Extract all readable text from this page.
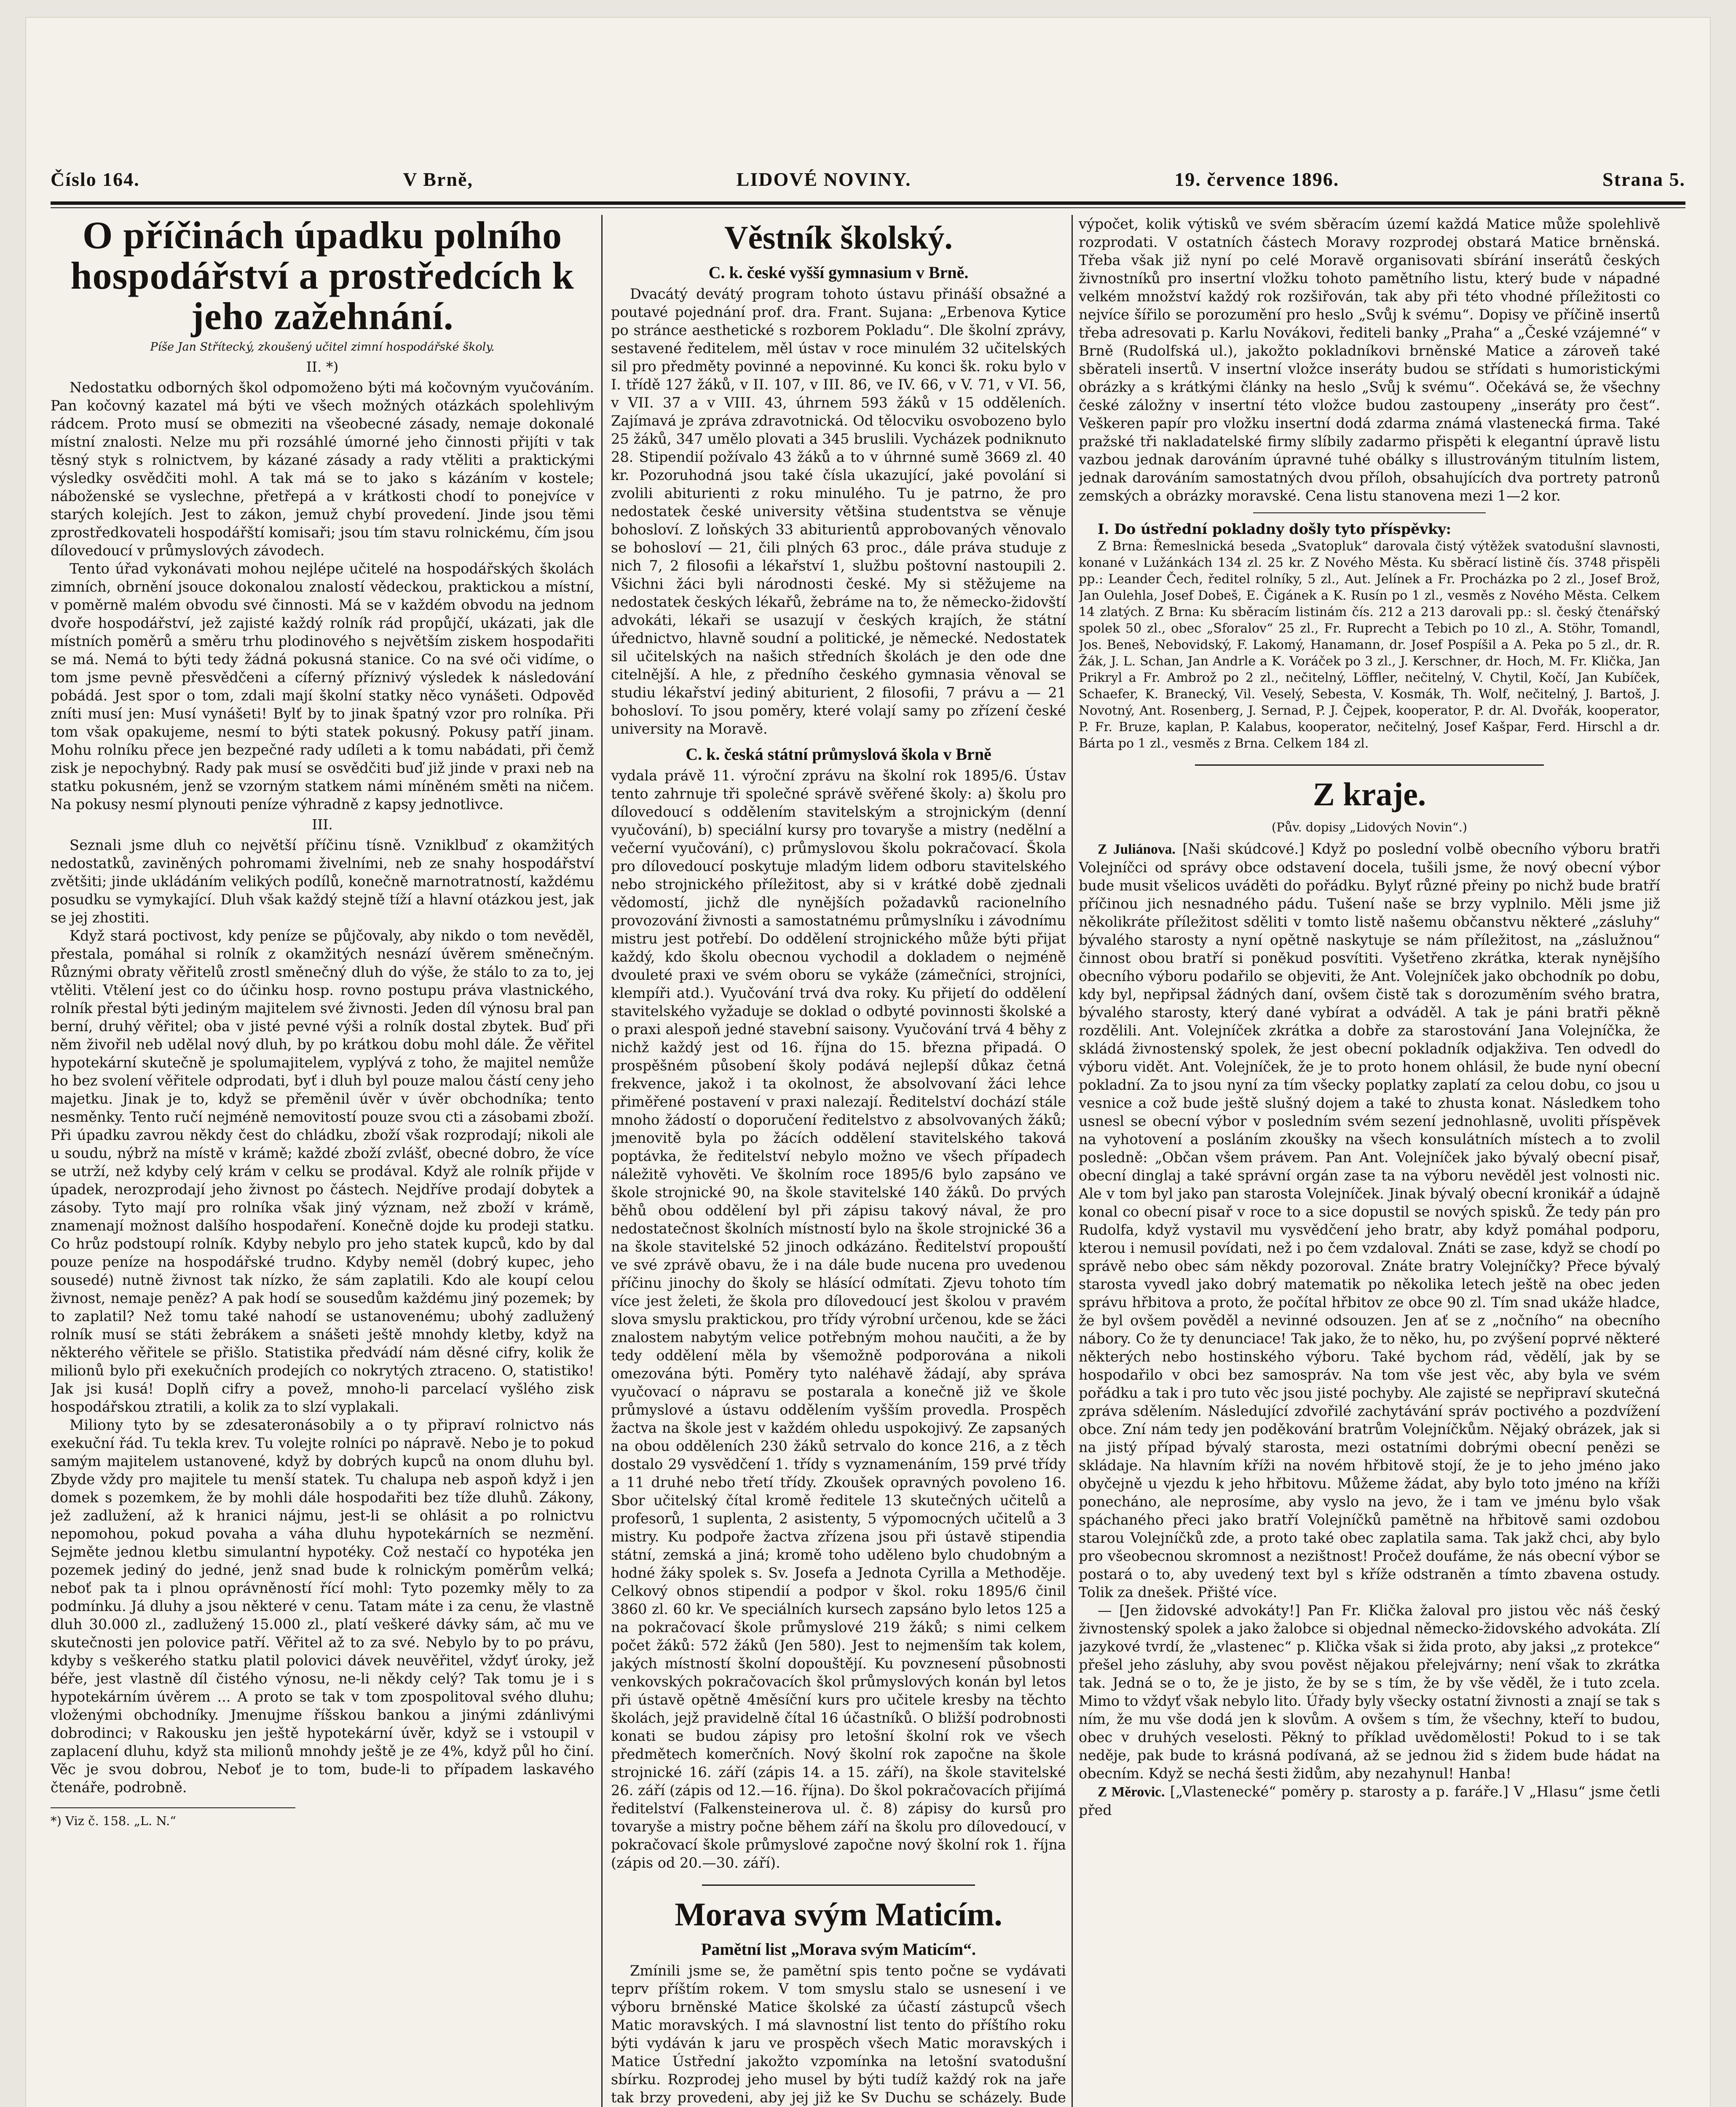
Číslo 164.	V Brně,	LIDOVÉ NOVINY.	19. července 1896.	Strana 5.
O příčinách úpadku polního hospodářství a prostředcích k jeho zažehnání.
Píše Jan Střítecký, zkoušený učitel zimní hospodářské školy.
II. *)

Nedostatku odborných škol odpomoženo býti má kočovným vyučováním. Pan kočovný kazatel má býti ve všech možných otázkách spolehlivým rádcem. Proto musí se obmeziti na všeobecné zásady, nemaje dokonalé místní znalosti. Nelze mu při rozsáhlé úmorné jeho činnosti přijíti v tak těsný styk s rolnictvem, by kázané zásady a rady vtěliti a praktickými výsledky osvědčiti mohl. A tak má se to jako s kázáním v kostele; náboženské se vyslechne, přetřepá a v krátkosti chodí to ponejvíce v starých kolejích. Jest to zákon, jemuž chybí provedení. Jinde jsou těmi zprostředkovateli hospodářští komisaři; jsou tím stavu rolnickému, čím jsou dílovedoucí v průmyslových závodech.

Tento úřad vykonávati mohou nejlépe učitelé na hospodářských školách zimních, obrnění jsouce dokonalou znalostí vědeckou, praktickou a místní, v poměrně malém obvodu své činnosti. Má se v každém obvodu na jednom dvoře hospodářství, jež zajisté každý rolník rád propůjčí, ukázati, jak dle místních poměrů a směru trhu plodinového s největším ziskem hospodařiti se má. Nemá to býti tedy žádná pokusná stanice. Co na své oči vidíme, o tom jsme pevně přesvědčeni a cíferný příznivý výsledek k následování pobádá. Jest spor o tom, zdali mají školní statky něco vynášeti. Odpověď zníti musí jen: Musí vynášeti! Bylť by to jinak špatný vzor pro rolníka. Při tom však opakujeme, nesmí to býti statek pokusný. Pokusy patří jinam. Mohu rolníku přece jen bezpečné rady udíleti a k tomu nabádati, při čemž zisk je nepochybný. Rady pak musí se osvědčiti buď již jinde v praxi neb na statku pokusném, jenž se vzorným statkem námi míněném směti na ničem. Na pokusy nesmí plynouti peníze výhradně z kapsy jednotlivce.

III.

Seznali jsme dluh co největší příčinu tísně. Vzniklbuď z okamžitých nedostatků, zaviněných pohromami živelními, neb ze snahy hospodářství zvětšiti; jinde ukládáním velikých podílů, konečně marnotratností, každému posudku se vymykající. Dluh však každý stejně tíží a hlavní otázkou jest, jak se jej zhostiti.

Když stará poctivost, kdy peníze se půjčovaly, aby nikdo o tom nevěděl, přestala, pomáhal si rolník z okamžitých nesnází úvěrem směnečným. Různými obraty věřitelů zrostl směnečný dluh do výše, že stálo to za to, jej vtěliti. Vtělení jest co do účinku hosp. rovno postupu práva vlastnického, rolník přestal býti jediným majitelem své živnosti. Jeden díl výnosu bral pan berní, druhý věřitel; oba v jisté pevné výši a rolník dostal zbytek. Buď při něm živořil neb udělal nový dluh, by po krátkou dobu mohl dále. Že věřitel hypotekární skutečně je spolumajitelem, vyplývá z toho, že majitel nemůže ho bez svolení věřitele odprodati, byť i dluh byl pouze malou částí ceny jeho majetku. Jinak je to, když se přeměnil úvěr v úvěr obchodníka; tento nesměnky. Tento ručí nejméně nemovitostí pouze svou cti a zásobami zboží. Při úpadku zavrou někdy čest do chládku, zboží však rozprodají; nikoli ale u soudu, nýbrž na místě v krámě; každé zboží zvlášť, obecné dobro, že více se utrží, než kdyby celý krám v celku se prodával. Když ale rolník přijde v úpadek, nerozprodají jeho živnost po částech. Nejdříve prodají dobytek a zásoby. Tyto mají pro rolníka však jiný význam, než zboží v krámě, znamenají možnost dalšího hospodaření. Konečně dojde ku prodeji statku. Co hrůz podstoupí rolník. Kdyby nebylo pro jeho statek kupců, kdo by dal pouze peníze na hospodářské trudno. Kdyby neměl (dobrý kupec, jeho sousedé) nutně živnost tak nízko, že sám zaplatili. Kdo ale koupí celou živnost, nemaje peněz? A pak hodí se sousedům každému jiný pozemek; by to zaplatil? Než tomu také nahodí se ustanovenému; ubohý zadlužený rolník musí se státi žebrákem a snášeti ještě mnohdy kletby, když na některého věřitele se přišlo. Statistika předvádí nám děsné cifry, kolik že milionů bylo při exekučních prodejích co nokrytých ztracenо. O, statistiko! Jak jsi kusá! Doplň cifry a povež, mnoho-li parcelací vyšlého zisk hospodářskou ztratili, a kolik za to slzí vyplakali.

Miliony tyto by se zdesateronásobily a o ty připraví rolnictvo nás exekuční řád. Tu tekla krev. Tu volejte rolníci po nápravě. Nebo je to pokud samým majitelem ustanovené, když by dobrých kupců na onom dluhu byl. Zbyde vždy pro majitele tu menší statek. Tu chalupa neb aspoň když i jen domek s pozemkem, že by mohli dále hospodařiti bez tíže dluhů. Zákony, jež zadlužení, až k hranici nájmu, jest-li se ohlásit a po rolnictvu nepomohou, pokud povaha a váha dluhu hypotekárních se nezmění. Sejměte jednou kletbu simulantní hypotéky. Což nestačí co hypotéka jen pozemek jediný do jedné, jenž snad bude k rolnickým poměrům velká; neboť pak ta i plnou oprávněností řící mohl: Tyto pozemky měly to za podmínku. Já dluhy a jsou některé v cenu. Tatam máte i za cenu, že vlastně dluh 30.000 zl., zadlužený 15.000 zl., platí veškeré dávky sám, ač mu ve skutečnosti jen polovice patří. Věřitel až to za své. Nebylo by to po právu, kdyby s veškerého statku platil polovici dávek neuvěřitel, vždyť úroky, jež béře, jest vlastně díl čistého výnosu, ne-li někdy celý? Tak tomu je i s hypotekárním úvěrem ... A proto se tak v tom zpospolitoval svého dluhu; vloženými obchodníky. Jmenujme říšskou bankou a jinými zdánlivými dobrodinci; v Rakousku jen ještě hypotekární úvěr, když se i vstoupil v zaplacení dluhu, když sta milionů mnohdy ještě je ze 4%, když půl ho činí. Věc je svou dobrou, Neboť je to tom, bude-li to případem laskavého čtenáře, podrobně.

*) Viz č. 158. „L. N.“
Věstník školský.
C. k. české vyšší gymnasium v Brně.

Dvacátý devátý program tohoto ústavu přináší obsažné a poutavé pojednání prof. dra. Frant. Sujana: „Erbenova Kytice po stránce aesthetické s rozborem Pokladu“. Dle školní zprávy, sestavené ředitelem, měl ústav v roce minulém 32 učitelských sil pro předměty povinné a nepovinné. Ku konci šk. roku bylo v I. třídě 127 žáků, v II. 107, v III. 86, ve IV. 66, v V. 71, v VI. 56, v VII. 37 a v VIII. 43, úhrnem 593 žáků v 15 odděleních. Zajímavá je zpráva zdravotnická. Od tělocviku osvobozeno bylo 25 žáků, 347 umělo plovati a 345 bruslili. Vycházek podniknuto 28. Stipendií požívalo 43 žáků a to v úhrnné sumě 3669 zl. 40 kr. Pozoruhodná jsou také čísla ukazující, jaké povolání si zvolili abiturienti z roku minulého. Tu je patrno, že pro nedostatek české university většina studentstva se věnuje bohosloví. Z loňských 33 abiturientů approbovaných věnovalo se bohosloví — 21, čili plných 63 proc., dále práva studuje z nich 7, 2 filosofii a lékařství 1, službu poštovní nastoupili 2. Všichni žáci byli národnosti české. My si stěžujeme na nedostatek českých lékařů, žebráme na to, že německo-židovští advokáti, lékaři se usazují v českých krajích, že státní úřednictvo, hlavně soudní a politické, je německé. Nedostatek sil učitelských na našich středních školách je den ode dne citelnější. A hle, z předního českého gymnasia věnoval se studiu lékařství jediný abiturient, 2 filosofii, 7 právu a — 21 bohosloví. To jsou poměry, které volají samy po zřízení české university na Moravě.

C. k. česká státní průmyslová škola v Brně

vydala právě 11. výroční zprávu na školní rok 1895/6. Ústav tento zahrnuje tři společné správě svěřené školy: a) školu pro dílovedoucí s oddělením stavitelským a strojnickým (denní vyučování), b) speciální kursy pro tovaryše a mistry (nedělní a večerní vyučování), c) průmyslovou školu pokračovací. Škola pro dílovedoucí poskytuje mladým lidem odboru stavitelského nebo strojnického příležitost, aby si v krátké době zjednali vědomostí, jichž dle nynějších požadavků racionelního provozování živnosti a samostatnému průmyslníku i závodnímu mistru jest potřebí. Do oddělení strojnického může býti přijat každý, kdo školu obecnou vychodil a dokladem o nejméně dvouleté praxi ve svém oboru se vykáže (zámečníci, strojníci, klempíři atd.). Vyučování trvá dva roky. Ku přijetí do oddělení stavitelského vyžaduje se doklad o odbyté povinnosti školské a o praxi alespoň jedné stavební saisony. Vyučování trvá 4 běhy z nichž každý jest od 16. října do 15. března připadá. O prospěšném působení školy podává nejlepší důkaz četná frekvence, jakož i ta okolnost, že absolvovaní žáci lehce přiměřené postavení v praxi nalezají. Ředitelství dochází stále mnoho žádostí o doporučení ředitelstvo z absolvovaných žáků; jmenovitě byla po žácích oddělení stavitelského taková poptávka, že ředitelství nebylo možno ve všech případech náležitě vyhověti. Ve školním roce 1895/6 bylo zapsáno ve škole strojnické 90, na škole stavitelské 140 žáků. Do prvých běhů obou oddělení byl při zápisu takový nával, že pro nedostatečnost školních místností bylo na škole strojnické 36 a na škole stavitelské 52 jinoch odkázáno. Ředitelství propouští ve své zprávě obavu, že i na dále bude nucena pro uvedenou příčinu jinochy do školy se hlásící odmítati. Zjevu tohoto tím více jest želeti, že škola pro dílovedoucí jest školou v pravém slova smyslu praktickou, pro třídy výrobní určenou, kde se žáci znalostem nabytým velice potřebným mohou naučiti, a že by tedy oddělení měla by všemožně podporována a nikoli omezována býti. Poměry tyto naléhavě žádají, aby správa vyučovací o nápravu se postarala a konečně již ve škole průmyslové a ústavu oddělením vyšším provedla. Prospěch žactva na škole jest v každém ohledu uspokojivý. Ze zapsaných na obou odděleních 230 žáků setrvalo do konce 216, a z těch dostalo 29 vysvědčení 1. třídy s vyznamenáním, 159 prvé třídy a 11 druhé nebo třetí třídy. Zkoušek opravných povoleno 16. Sbor učitelský čítal kromě ředitele 13 skutečných učitelů a profesorů, 1 suplenta, 2 asistenty, 5 výpomocných učitelů a 3 mistry. Ku podpoře žactva zřízena jsou při ústavě stipendia státní, zemská a jiná; kromě toho uděleno bylo chudobným a hodné žáky spolek s. Sv. Josefa a Jednota Cyrilla a Methoděje. Celkový obnos stipendií a podpor v škol. roku 1895/6 činil 3860 zl. 60 kr. Ve speciálních kursech zapsáno bylo letos 125 a na pokračovací škole průmyslové 219 žáků; s nimi celkem počet žáků: 572 žáků (Jen 580). Jest to nejmenším tak kolem, jakých místností školní dopouštějí. Ku povznesení působnosti venkovských pokračovacích škol průmyslových konán byl letos při ústavě opětně 4měsíční kurs pro učitele kresby na těchto školách, jejž pravidelně čítal 16 účastníků. O bližší podrobnosti konati se budou zápisy pro letošní školní rok ve všech předmětech komerčních. Nový školní rok započne na škole strojnické 16. září (zápis 14. a 15. září), na škole stavitelské 26. září (zápis od 12.—16. října). Do škol pokračovacích přijímá ředitelství (Falkensteinerova ul. č. 8) zápisy do kursů pro tovaryše a mistry počne během září na školu pro dílovedoucí, v pokračovací škole průmyslové započne nový školní rok 1. října (zápis od 20.—30. září).

Morava svým Maticím.
Pamětní list „Morava svým Maticím“.

Zmínili jsme se, že pamětní spis tento počne se vydávati teprv příštím rokem. V tom smyslu stalo se usnesení i ve výboru brněnské Matice školské za účastí zástupců všech Matic moravských. I má slavnostní list tento do příštího roku býti vydáván k jaru ve prospěch všech Matic moravských i Matice Ústřední jakožto vzpomínka na letošní svatodušní sbírku. Rozprodej jeho musel by býti tudíž každý rok na jaře tak brzy provedeni, aby jej již ke Sv Duchu se scházely. Bude

výpočet, kolik výtisků ve svém sběracím území každá Matice může spolehlivě rozprodati. V ostatních částech Moravy rozprodej obstará Matice brněnská. Třeba však již nyní po celé Moravě organisovati sbírání inserátů českých živnostníků pro insertní vložku tohoto pamětního listu, který bude v nápadné velkém množství každý rok rozšiřován, tak aby při této vhodné příležitosti co nejvíce šířilo se porozumění pro heslo „Svůj k svému“. Dopisy ve příčině insertů třeba adresovati p. Karlu Novákovi, řediteli banky „Praha“ a „České vzájemné“ v Brně (Rudolfská ul.), jakožto pokladníkovi brněnské Matice a zároveň také sběrateli insertů. V insertní vložce inseráty budou se střídati s humoristickými obrázky a s krátkými články na heslo „Svůj k svému“. Očekává se, že všechny české záložny v insertní této vložce budou zastoupeny „inseráty pro čest“. Veškeren papír pro vložku insertní dodá zdarma známá vlastenecká firma. Také pražské tři nakladatelské firmy slíbily zadarmo přispěti k elegantní úpravě listu vazbou jednak darováním úpravné tuhé obálky s illustrováným titulním listem, jednak darováním samostatných dvou příloh, obsahujících dva portrety patronů zemských a obrázky moravské. Cena listu stanovena mezi 1—2 kor.

I. Do ústřední pokladny došly tyto příspěvky:

Z Brna: Řemeslnická beseda „Svatopluk“ darovala čistý výtěžek svatodušní slavnosti, konané v Lužánkách 134 zl. 25 kr. Z Nového Města. Ku sběrací listině čís. 3748 přispěli pp.: Leander Čech, ředitel rolníky, 5 zl., Aut. Jelínek a Fr. Procházka po 2 zl., Josef Brož, Jan Oulehla, Josef Dobeš, E. Čigánek a K. Rusín po 1 zl., vesměs z Nového Města. Celkem 14 zlatých. Z Brna: Ku sběracím listinám čís. 212 a 213 darovali pp.: sl. český čtenářský spolek 50 zl., obec „Sforalov“ 25 zl., Fr. Ruprecht a Tebich po 10 zl., A. Stöhr, Tomandl, Jos. Beneš, Nebovidský, F. Lakomý, Hanamann, dr. Josef Pospíšil a A. Peka po 5 zl., dr. R. Žák, J. L. Schan, Jan Andrle a K. Voráček po 3 zl., J. Kerschner, dr. Hoch, M. Fr. Klička, Jan Prikryl a Fr. Ambrož po 2 zl., nečitelný, Löffler, nečitelný, V. Chytil, Kočí, Jan Kubíček, Schaefer, K. Branecký, Vil. Veselý, Sebesta, V. Kosmák, Th. Wolf, nečitelný, J. Bartoš, J. Novotný, Ant. Rosenberg, J. Sernad, P. J. Čejpek, kooperator, P. dr. Al. Dvořák, kooperator, P. Fr. Bruze, kaplan, P. Kalabus, kooperator, nečitelný, Josef Kašpar, Ferd. Hirschl a dr. Bárta po 1 zl., vesměs z Brna. Celkem 184 zl.

Z kraje.
(Pův. dopisy „Lidových Novin“.)

Z Juliánova. [Naši skúdcové.] Když po poslední volbě obecního výboru bratři Volejníčci od správy obce odstavení docela, tušili jsme, že nový obecní výbor bude musit všelicos uváděti do pořádku. Bylyť různé přeiny po nichž bude bratří příčinou jich nesnadného pádu. Tušení naše se brzy vyplnilo. Měli jsme již několikráte příležitost sděliti v tomto listě našemu občanstvu některé „zásluhy“ bývalého starosty a nyní opětně naskytuje se nám příležitost, na „záslužnou“ činnost obou bratří si poněkud posvítiti. Vyšetřeno zkrátka, kterak nynějšího obecního výboru podařilo se objeviti, že Ant. Volejníček jako obchodník po dobu, kdy byl, nepřipsal žádných daní, ovšem čistě tak s dorozuměním svého bratra, bývalého starosty, který dané vybírat a odváděl. A tak je páni bratři pěkně rozdělili. Ant. Volejníček zkrátka a dobře za starostování Jana Volejníčka, že skládá živnostenský spolek, že jest obecní pokladník odjakživa. Ten odvedl do výboru vidět. Ant. Volejníček, že je to proto honem ohlásil, že bude nyní obecní pokladní. Za to jsou nyní za tím všecky poplatky zaplatí za celou dobu, co jsou u vesnice a což bude ještě slušný dojem a také to zhusta konat. Následkem toho usnesl se obecní výbor v posledním svém sezení jednohlasně, uvoliti příspěvek na vyhotovení a posláním zkoušky na všech konsulátních místech a to zvolil posledně: „Občan všem právem. Pan Ant. Volejníček jako bývalý obecní pisař, obecní dinglaj a také správní orgán zase ta na výboru nevěděl jest volnosti nic. Ale v tom byl jako pan starosta Volejníček. Jinak bývalý obecní kronikář a údajně konal co obecní pisař v roce to a sice dopustil se nových spisků. Že tedy pán pro Rudolfa, když vystavil mu vysvědčení jeho bratr, aby když pomáhal podporu, kterou i nemusil povídati, než i po čem vzdaloval. Znáti se zase, když se chodí po správě nebo obec sám někdy pozoroval. Znáte bratry Volejníčky? Přece bývalý starosta vyvedl jako dobrý matematik po několika letech ještě na obec jeden správu hřbitova a proto, že počítal hřbitov ze obce 90 zl. Tím snad ukáže hladce, že byl ovšem pověděl a nevinné odsouzen. Jen ať se z „nočního“ na obecního nábory. Co že ty denunciace! Tak jako, že to něko, hu, po zvýšení poprvé některé některých nebo hostinského výboru. Také bychom rád, vědělí, jak by se hospodařilo v obci bez samospráv. Na tom vše jest věc, aby byla ve svém pořádku a tak i pro tuto věc jsou jisté pochyby. Ale zajisté se nepřipraví skutečná zpráva sdělením. Následující zdvořilé zachytávání správ poctivého a pozdvížení obce. Zní nám tedy jen poděkování bratrům Volejníčkům. Nějaký obrázek, jak si na jistý případ bývalý starosta, mezi ostatními dobrými obecní penězi se skládaje. Na hlavním kříži na novém hřbitově stojí, že je to jeho jméno jako obyčejně u vjezdu k jeho hřbitovu. Můžeme žádat, aby bylo toto jméno na kříži ponecháno, ale neprosíme, aby vyslo na jevo, že i tam ve jménu bylo však spáchaného přeci jako bratří Volejníčků pamětně na hřbitově sami ozdobou starou Volejníčků zde, a proto také obec zaplatila sama. Tak jakž chci, aby bylo pro všeobecnou skromnost a nezištnost! Pročež doufáme, že nás obecní výbor se postará o to, aby uvedený text byl s kříže odstraněn a tímto zbavena ostudy. Tolik za dnešek. Přišté více.

— [Jen židovské advokáty!] Pan Fr. Klička žaloval pro jistou věc náš český živnostenský spolek a jako žalobce si objednal německo-židovského advokáta. Zlí jazykové tvrdí, že „vlastenec“ p. Klička však si žida proto, aby jaksi „z protekce“ přešel jeho zásluhy, aby svou pověst nějakou přelejvárny; není však to zkrátka tak. Jedná se o to, že je jisto, že by se s tím, že by vše věděl, že i tuto zcela. Mimo to vždyť však nebylo lito. Úřady byly všecky ostatní živnosti a znají se tak s ním, že mu vše dodá jen k slovům. A ovšem s tím, že všechny, kteří to budou, obec v druhých veselosti. Pěkný to příklad uvědomělosti! Pokud to i se tak neděje, pak bude to krásná podívaná, až se jednou žid s židem bude hádat na obecním. Když se nechá šesti židům, aby nezahynul! Hanba!

Z Měrovic. [„Vlastenecké“ poměry p. starosty a p. faráře.] V „Hlasu“ jsme četli před
